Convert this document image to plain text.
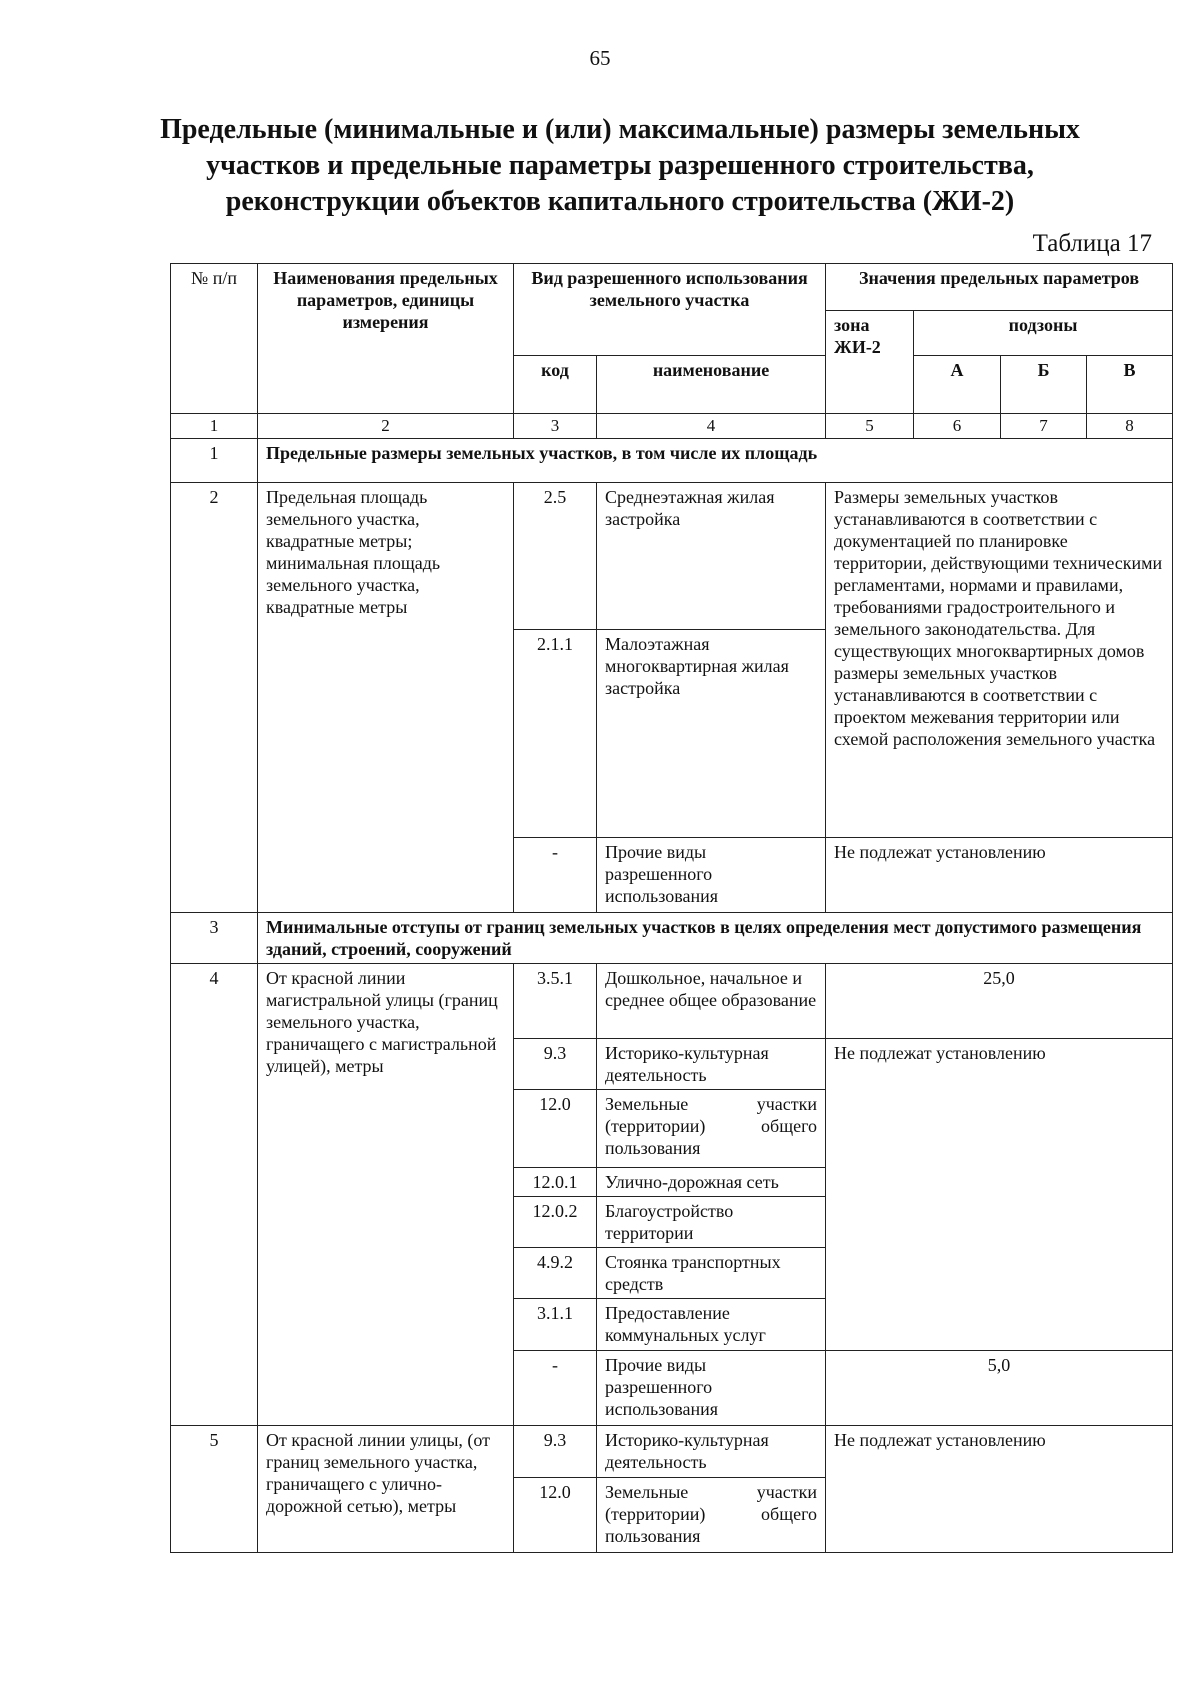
65
Предельные (минимальные и (или) максимальные) размеры земельных
участков и предельные параметры разрешенного строительства,
реконструкции объектов капитального строительства (ЖИ-2)
Таблица 17
№ п/п	Наименования предельных параметров, единицы измерения	Вид разрешенного использования земельного участка		Значения предельных параметров			
				зона ЖИ-2	подзоны		
		код	наименование		А	Б	В
1	2	3	4	5	6	7	8
1	Предельные размеры земельных участков, в том числе их площадь						
2	Предельная площадь земельного участка, квадратные метры; минимальная площадь земельного участка, квадратные метры	2.5	Среднеэтажная жилая застройка	Размеры земельных участков устанавливаются в соответствии с документацией по планировке территории, действующими техническими регламентами, нормами и правилами, требованиями градостроительного и земельного законодательства. Для существующих многоквартирных домов размеры земельных участков устанавливаются в соответствии с проектом межевания территории или схемой расположения земельного участка			
		2.1.1	Малоэтажная многоквартирная жилая застройка				
		-	Прочие виды разрешенного использования	Не подлежат установлению			
3	Минимальные отступы от границ земельных участков в целях определения мест допустимого размещения зданий, строений, сооружений						
4	От красной линии магистральной улицы (границ земельного участка, граничащего с магистральной улицей), метры	3.5.1	Дошкольное, начальное и среднее общее образование	25,0			
		9.3	Историко-культурная деятельность	Не подлежат установлению			
		12.0	Земельные участки (территории) общего пользования				
		12.0.1	Улично-дорожная сеть				
		12.0.2	Благоустройство территории				
		4.9.2	Стоянка транспортных средств				
		3.1.1	Предоставление коммунальных услуг				
		-	Прочие виды разрешенного использования	5,0			
5	От красной линии улицы, (от границ земельного участка, граничащего с улично-дорожной сетью), метры	9.3	Историко-культурная деятельность	Не подлежат установлению			
		12.0	Земельные участки (территории) общего пользования				
